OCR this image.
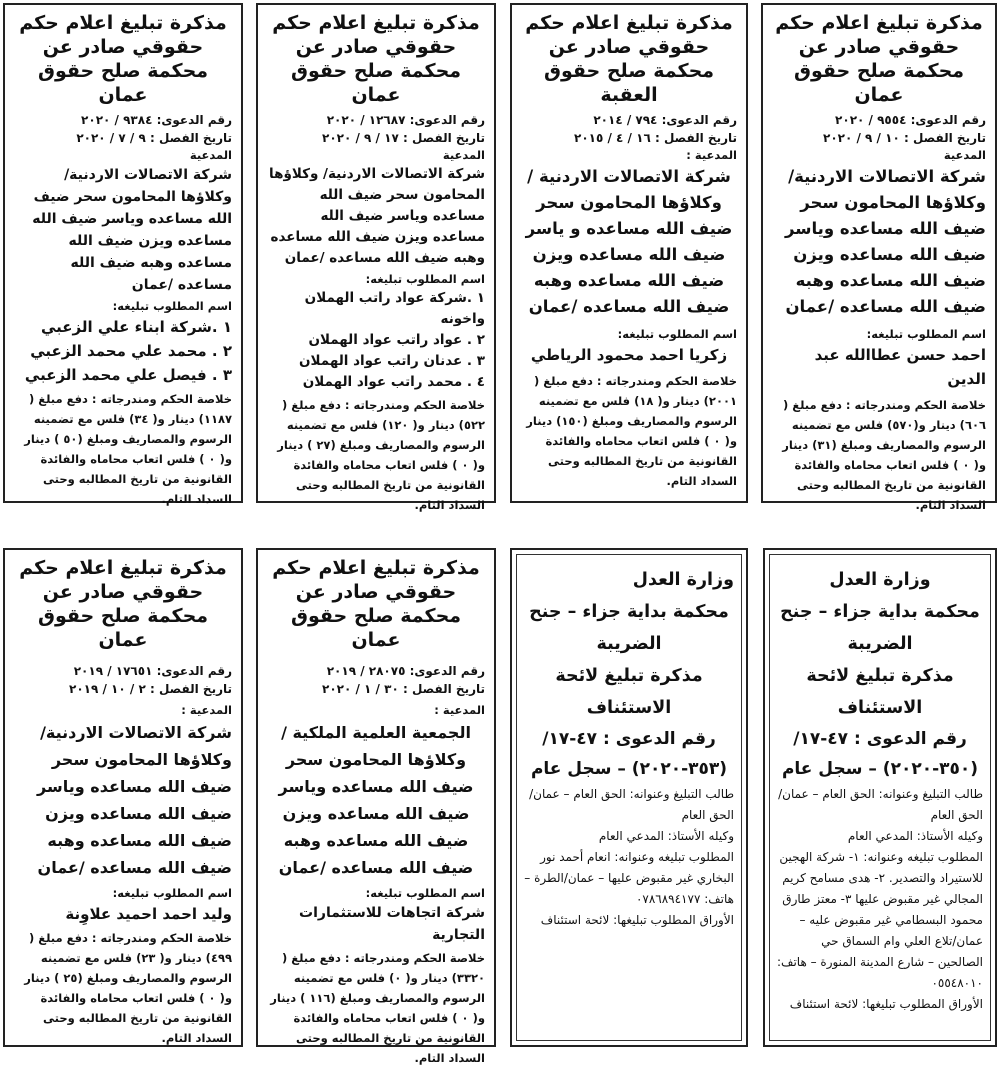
مذكرة تبليغ اعلام حكم حقوقي صادر عن محكمة صلح حقوق عمان
رقم الدعوى: ٩٥٥٤ / ٢٠٢٠
تاريخ الفصل : ١٠ / ٩ / ٢٠٢٠
المدعية
شركة الاتصالات الاردنية/ وكلاؤها المحامون سحر ضيف الله مساعده وياسر ضيف الله مساعده ويزن ضيف الله مساعده وهبه ضيف الله مساعده /عمان
اسم المطلوب تبليغه:
احمد حسن عطاالله عبد الدين
خلاصة الحكم ومندرجاته : دفع مبلغ ( ٦٠٦) دينار و(٥٧٠) فلس مع تضمينه الرسوم والمصاريف ومبلغ (٣١) دينار و( ٠ ) فلس اتعاب محاماه والفائدة القانونية من تاريخ المطالبه وحتى السداد التام.
مذكرة تبليغ اعلام حكم حقوقي صادر عن محكمة صلح حقوق العقبة
رقم الدعوى: ٧٩٤ / ٢٠١٤
تاريخ الفصل : ١٦ / ٤ / ٢٠١٥
المدعية :
شركة الاتصالات الاردنية / وكلاؤها المحامون سحر ضيف الله مساعده و ياسر ضيف الله مساعده ويزن ضيف الله مساعده وهبه ضيف الله مساعده /عمان
اسم المطلوب تبليغه:
زكريا احمد محمود الرياطي
خلاصة الحكم ومندرجاته : دفع مبلغ ( ٢٠٠١) دينار و( ١٨) فلس مع تضمينه الرسوم والمصاريف ومبلغ (١٥٠) دينار و( ٠ ) فلس اتعاب محاماه والفائدة القانونية من تاريخ المطالبه وحتى السداد التام.
مذكرة تبليغ اعلام حكم حقوقي صادر عن محكمة صلح حقوق عمان
رقم الدعوى: ١٢٦٨٧ / ٢٠٢٠
تاريخ الفصل : ١٧ / ٩ / ٢٠٢٠
المدعية
شركة الاتصالات الاردنية/ وكلاؤها المحامون سحر ضيف الله مساعده وياسر ضيف الله مساعده ويزن ضيف الله مساعده وهبه ضيف الله مساعده /عمان
اسم المطلوب تبليغه:
١ .شركة عواد راتب الهملان واخونه
٢ . عواد راتب عواد الهملان
٣ . عدنان راتب عواد الهملان
٤ . محمد راتب عواد الهملان
خلاصة الحكم ومندرجاته : دفع مبلغ ( ٥٢٢) دينار و( ١٢٠) فلس مع تضمينه الرسوم والمصاريف ومبلغ (٢٧ ) دينار و( ٠ ) فلس اتعاب محاماه والفائدة القانونية من تاريخ المطالبه وحتى السداد التام.
مذكرة تبليغ اعلام حكم حقوقي صادر عن محكمة صلح حقوق عمان
رقم الدعوى: ٩٣٨٤ / ٢٠٢٠
تاريخ الفصل : ٩ / ٧ / ٢٠٢٠
المدعية
شركة الاتصالات الاردنية/ وكلاؤها المحامون سحر ضيف الله مساعده وياسر ضيف الله مساعده ويزن ضيف الله مساعده وهبه ضيف الله مساعده /عمان
اسم المطلوب تبليغه:
١ .شركة ابناء علي الزعبي
٢ . محمد علي محمد الزعبي
٣ . فيصل علي محمد الزعبي
خلاصة الحكم ومندرجاته : دفع مبلغ ( ١١٨٧) دينار و( ٣٤) فلس مع تضمينه الرسوم والمصاريف ومبلغ (٥٠ ) دينار و( ٠ ) فلس اتعاب محاماه والفائدة القانونية من تاريخ المطالبه وحتى السداد التام.
وزارة العدل
محكمة بداية جزاء – جنح الضريبة
مذكرة تبليغ لائحة الاستئناف
رقم الدعوى : ٤٧-١٧/ (٣٥٠-٢٠٢٠) – سجل عام
طالب التبليغ وعنوانه: الحق العام – عمان/الحق العام
وكيله الأستاذ: المدعي العام
المطلوب تبليغه وعنوانه: ١- شركة الهجين للاستيراد والتصدير. ٢- هدى مسامح كريم المجالي غير مقبوض عليها ٣- معتز طارق محمود البسطامي غير مقبوض عليه – عمان/تلاع العلي وام السماق حي الصالحين – شارع المدينة المنورة – هاتف: ٠٥٥٤٨٠١٠
الأوراق المطلوب تبليغها: لائحة استئناف
وزارة العدل
محكمة بداية جزاء – جنح الضريبة
مذكرة تبليغ لائحة الاستئناف
رقم الدعوى : ٤٧-١٧/ (٣٥٣-٢٠٢٠) – سجل عام
طالب التبليغ وعنوانه: الحق العام – عمان/الحق العام
وكيله الأستاذ: المدعي العام
المطلوب تبليغه وعنوانه: انعام أحمد نور البخاري غير مقبوض عليها – عمان/الطرة – هاتف: ٠٧٨٦٨٩٤١٧٧
الأوراق المطلوب تبليغها: لائحة استئناف
مذكرة تبليغ اعلام حكم حقوقي صادر عن محكمة صلح حقوق عمان
رقم الدعوى: ٢٨٠٧٥ / ٢٠١٩
تاريخ الفصل : ٣٠ / ١ / ٢٠٢٠
المدعية :
الجمعية العلمية الملكية / وكلاؤها المحامون سحر ضيف الله مساعده وياسر ضيف الله مساعده ويزن ضيف الله مساعده وهبه ضيف الله مساعده /عمان
اسم المطلوب تبليغه:
شركة اتجاهات للاستثمارات التجارية
خلاصة الحكم ومندرجاته : دفع مبلغ ( ٣٣٢٠) دينار و( ٠) فلس مع تضمينه الرسوم والمصاريف ومبلغ (١١٦ ) دينار و( ٠ ) فلس اتعاب محاماه والفائدة القانونية من تاريخ المطالبه وحتى السداد التام.
مذكرة تبليغ اعلام حكم حقوقي صادر عن محكمة صلح حقوق عمان
رقم الدعوى: ١٧٦٥١ / ٢٠١٩
تاريخ الفصل : ٢ / ١٠ / ٢٠١٩
المدعية :
شركة الاتصالات الاردنية/ وكلاؤها المحامون سحر ضيف الله مساعده وياسر ضيف الله مساعده ويزن ضيف الله مساعده وهبه ضيف الله مساعده /عمان
اسم المطلوب تبليغه:
وليد احمد احميد علاوِنة
خلاصة الحكم ومندرجاته : دفع مبلغ ( ٤٩٩) دينار و( ٢٣) فلس مع تضمينه الرسوم والمصاريف ومبلغ (٢٥ ) دينار و( ٠ ) فلس اتعاب محاماه والفائدة القانونية من تاريخ المطالبه وحتى السداد التام.
